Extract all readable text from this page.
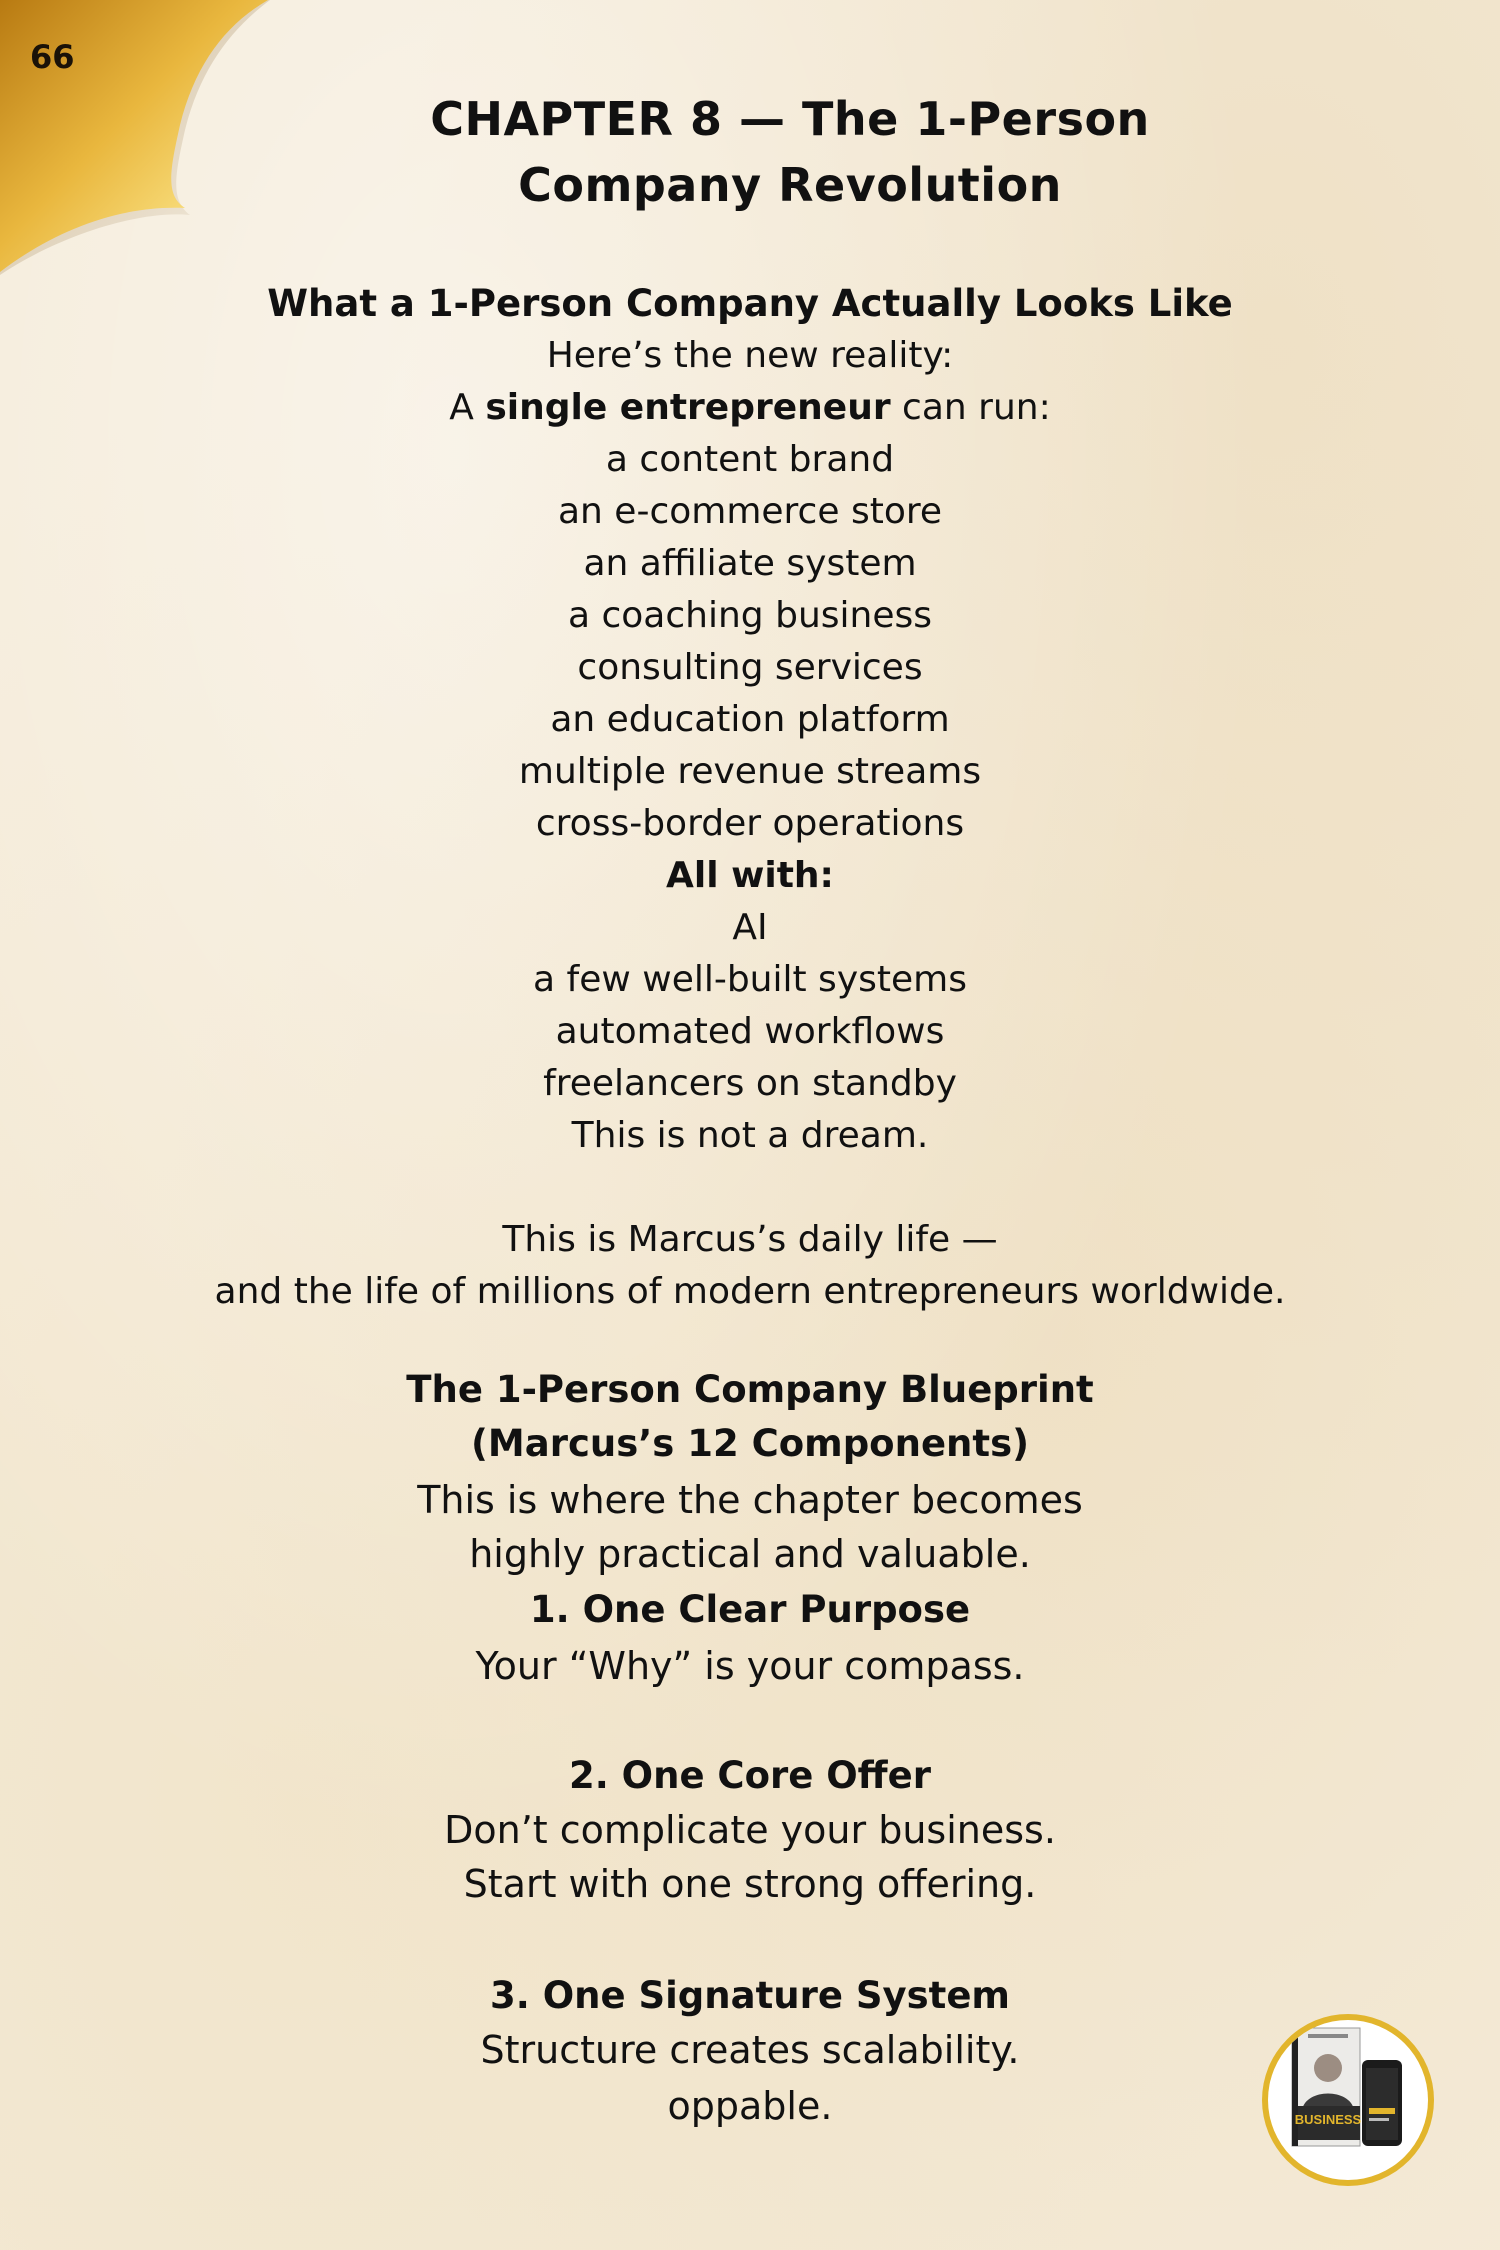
66
CHAPTER 8 — The 1-Person
Company Revolution
What a 1-Person Company Actually Looks Like
Here’s the new reality:
A single entrepreneur can run:
a content brand
an e-commerce store
an affiliate system
a coaching business
consulting services
an education platform
multiple revenue streams
cross-border operations
All with:
AI
a few well-built systems
automated workflows
freelancers on standby
This is not a dream.
This is Marcus’s daily life —
and the life of millions of modern entrepreneurs worldwide.
The 1-Person Company Blueprint
(Marcus’s 12 Components)
This is where the chapter becomes
highly practical and valuable.
1. One Clear Purpose
Your “Why” is your compass.
2. One Core Offer
Don’t complicate your business.
Start with one strong offering.
3. One Signature System
Structure creates scalability.
oppable.	BUSINESS
